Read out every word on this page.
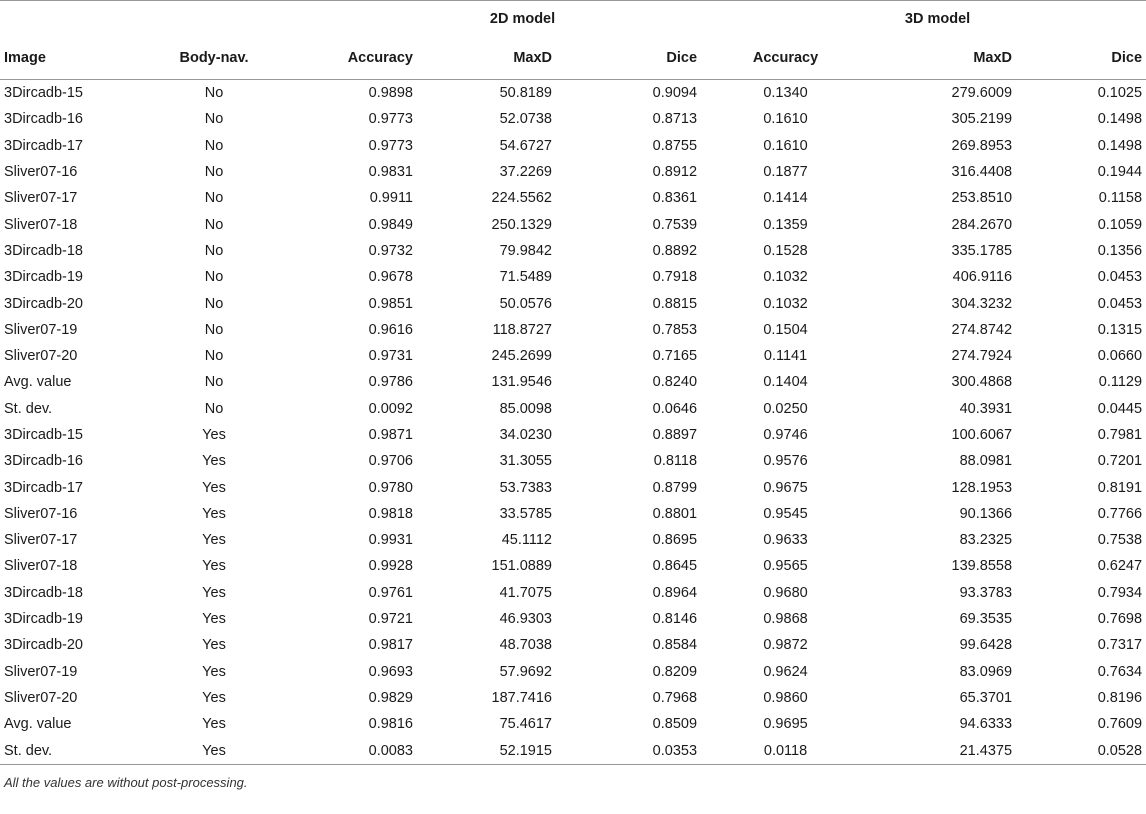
		2D model				3D model		
Image	Body-nav.	Accuracy	MaxD	Dice		Accuracy	MaxD	Dice
3Dircadb-15	No	0.9898	50.8189	0.9094		0.1340	279.6009	0.1025
3Dircadb-16	No	0.9773	52.0738	0.8713		0.1610	305.2199	0.1498
3Dircadb-17	No	0.9773	54.6727	0.8755		0.1610	269.8953	0.1498
Sliver07-16	No	0.9831	37.2269	0.8912		0.1877	316.4408	0.1944
Sliver07-17	No	0.9911	224.5562	0.8361		0.1414	253.8510	0.1158
Sliver07-18	No	0.9849	250.1329	0.7539		0.1359	284.2670	0.1059
3Dircadb-18	No	0.9732	79.9842	0.8892		0.1528	335.1785	0.1356
3Dircadb-19	No	0.9678	71.5489	0.7918		0.1032	406.9116	0.0453
3Dircadb-20	No	0.9851	50.0576	0.8815		0.1032	304.3232	0.0453
Sliver07-19	No	0.9616	118.8727	0.7853		0.1504	274.8742	0.1315
Sliver07-20	No	0.9731	245.2699	0.7165		0.1141	274.7924	0.0660
Avg. value	No	0.9786	131.9546	0.8240		0.1404	300.4868	0.1129
St. dev.	No	0.0092	85.0098	0.0646		0.0250	40.3931	0.0445
3Dircadb-15	Yes	0.9871	34.0230	0.8897		0.9746	100.6067	0.7981
3Dircadb-16	Yes	0.9706	31.3055	0.8118		0.9576	88.0981	0.7201
3Dircadb-17	Yes	0.9780	53.7383	0.8799		0.9675	128.1953	0.8191
Sliver07-16	Yes	0.9818	33.5785	0.8801		0.9545	90.1366	0.7766
Sliver07-17	Yes	0.9931	45.1112	0.8695		0.9633	83.2325	0.7538
Sliver07-18	Yes	0.9928	151.0889	0.8645		0.9565	139.8558	0.6247
3Dircadb-18	Yes	0.9761	41.7075	0.8964		0.9680	93.3783	0.7934
3Dircadb-19	Yes	0.9721	46.9303	0.8146		0.9868	69.3535	0.7698
3Dircadb-20	Yes	0.9817	48.7038	0.8584		0.9872	99.6428	0.7317
Sliver07-19	Yes	0.9693	57.9692	0.8209		0.9624	83.0969	0.7634
Sliver07-20	Yes	0.9829	187.7416	0.7968		0.9860	65.3701	0.8196
Avg. value	Yes	0.9816	75.4617	0.8509		0.9695	94.6333	0.7609
St. dev.	Yes	0.0083	52.1915	0.0353		0.0118	21.4375	0.0528
All the values are without post-processing.
